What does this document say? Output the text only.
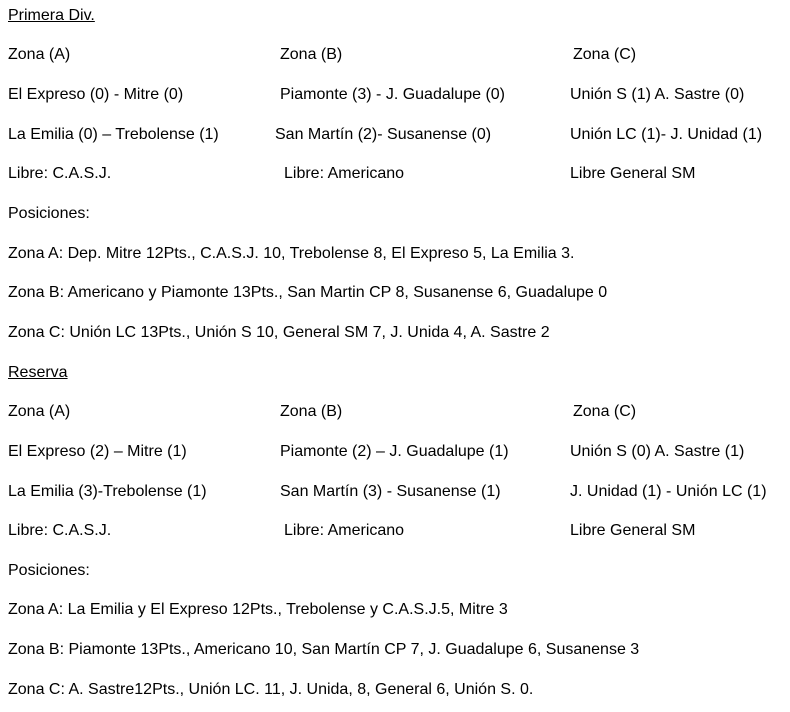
Primera Div.
Zona (A)	Zona (B)	Zona (C)
El Expreso (0) - Mitre (0)	Piamonte (3) - J. Guadalupe (0)	Unión S (1) A. Sastre (0)
La Emilia (0) – Trebolense (1)	San Martín (2)- Susanense (0)	Unión LC (1)- J. Unidad (1)
Libre: C.A.S.J.	Libre: Americano	Libre General SM
Posiciones:
Zona A: Dep. Mitre 12Pts., C.A.S.J. 10, Trebolense 8, El Expreso 5, La Emilia 3.
Zona B: Americano y Piamonte 13Pts., San Martin CP 8, Susanense 6, Guadalupe 0
Zona C: Unión LC 13Pts., Unión S 10, General SM 7, J. Unida 4, A. Sastre 2
Reserva
Zona (A)	Zona (B)	Zona (C)
El Expreso (2) – Mitre (1)	Piamonte (2) – J. Guadalupe (1)	Unión S (0) A. Sastre (1)
La Emilia (3)-Trebolense (1)	San Martín (3) - Susanense (1)	J. Unidad (1) - Unión LC (1)
Libre: C.A.S.J.	Libre: Americano	Libre General SM
Posiciones:
Zona A: La Emilia y El Expreso 12Pts., Trebolense y C.A.S.J.5, Mitre 3
Zona B: Piamonte 13Pts., Americano 10, San Martín CP 7, J. Guadalupe 6, Susanense 3
Zona C: A. Sastre12Pts., Unión LC. 11, J. Unida, 8, General 6, Unión S. 0.
